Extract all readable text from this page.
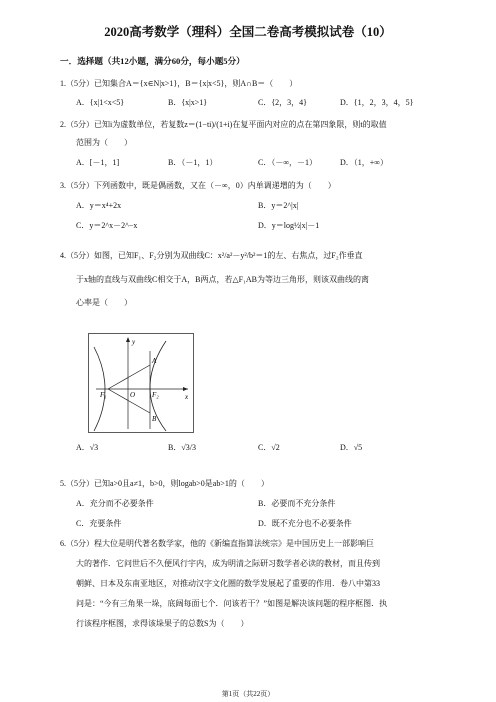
2020高考数学（理科）全国二卷高考模拟试卷（10）
一．选择题（共12小题，满分60分，每小题5分）
1.（5分）已知集合A＝{x∈N|x>1}，B＝{x|x<5}，则A∩B＝（　　）
A．{x|1<x<5}	B．{x|x>1}	C．{2，3，4}	D．{1，2，3，4，5}
2.（5分）已知i为虚数单位，若复数z＝(1−ti)/(1+i)在复平面内对应的点在第四象限，则t的取值
范围为（　　）
A．[－1，1]	B．（－1，1）	C．（－∞，－1）	D．（1，+∞）
3.（5分）下列函数中，既是偶函数，又在（－∞，0）内单调递增的为（　　）
A．y＝x⁴+2x	B．y＝2^|x|
C．y＝2^x－2^−x	D．y＝log½|x|－1
4.（5分）如图，已知F₁、F₂分别为双曲线C：x²/a²－y²/b²＝1的左、右焦点，过F₂作垂直
于x轴的直线与双曲线C相交于A，B两点，若△F₁AB为等边三角形，则该双曲线的离
心率是（　　）
y
x
A
B
O
F₁	F₂
A．√3	B．√3/3	C．√2	D．√5
5.（5分）已知a>0且a≠1，b>0，则logab>0是ab>1的（　　）
A．充分而不必要条件	B．必要而不充分条件
C．充要条件	D．既不充分也不必要条件
6.（5分）程大位是明代著名数学家，他的《新编直指算法统宗》是中国历史上一部影响巨
大的著作．它问世后不久便风行宇内，成为明清之际研习数学者必读的教材，而且传到
朝鲜、日本及东南亚地区，对推动汉字文化圈的数学发展起了重要的作用．卷八中第33
问是：“今有三角果一垛，底阔每面七个．问该若干？”如图是解决该问题的程序框图．执
行该程序框图，求得该垛果子的总数S为（　　）
第1页（共22页）
